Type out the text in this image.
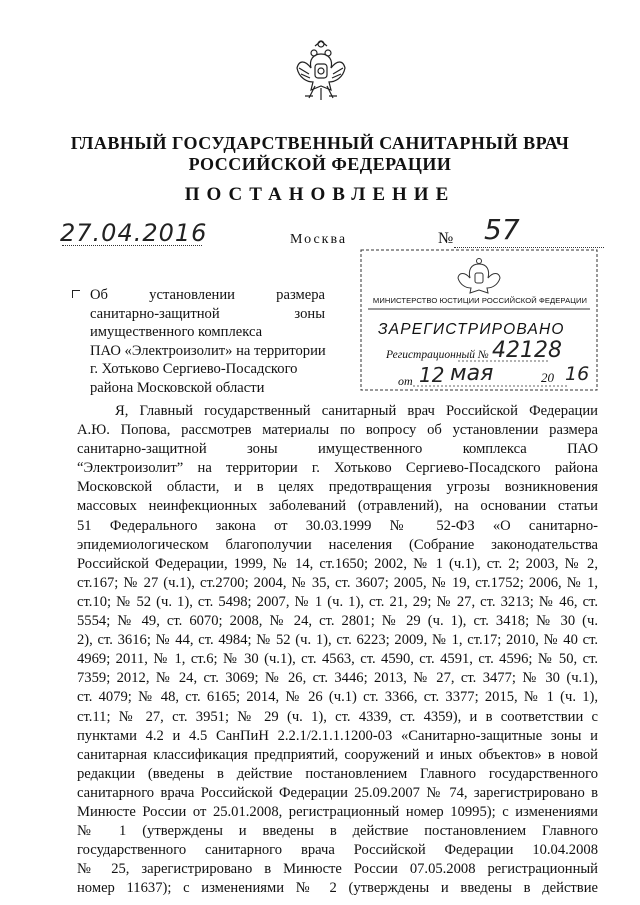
ГЛАВНЫЙ ГОСУДАРСТВЕННЫЙ САНИТАРНЫЙ ВРАЧ
РОССИЙСКОЙ ФЕДЕРАЦИИ
ПОСТАНОВЛЕНИЕ
27.04.2016	Москва	№ 57
Об установлении размера
санитарно-защитной зоны
имущественного комплекса
ПАО «Электроизолит» на территории
г. Хотьково Сергиево-Посадского
района Московской области
МИНИСТЕРСТВО ЮСТИЦИИ РОССИЙСКОЙ ФЕДЕРАЦИИ
ЗАРЕГИСТРИРОВАНО
Регистрационный № 42128
от 12 мая	20 16
Я, Главный государственный санитарный врач Российской Федерации
А.Ю. Попова, рассмотрев материалы по вопросу об установлении размера
санитарно-защитной зоны имущественного комплекса ПАО
“Электроизолит” на территории г. Хотьково Сергиево-Посадского района
Московской области, и в целях предотвращения угрозы возникновения
массовых неинфекционных заболеваний (отравлений), на основании статьи
51 Федерального закона от 30.03.1999 № 52-ФЗ «О санитарно-
эпидемиологическом благополучии населения (Собрание законодательства
Российской Федерации, 1999, № 14, ст.1650; 2002, № 1 (ч.1), ст. 2; 2003, № 2,
ст.167; № 27 (ч.1), ст.2700; 2004, № 35, ст. 3607; 2005, № 19, ст.1752; 2006, № 1,
ст.10; № 52 (ч. 1), ст. 5498; 2007, № 1 (ч. 1), ст. 21, 29; № 27, ст. 3213; № 46, ст.
5554; № 49, ст. 6070; 2008, № 24, ст. 2801; № 29 (ч. 1), ст. 3418; № 30 (ч.
2), ст. 3616; № 44, ст. 4984; № 52 (ч. 1), ст. 6223; 2009, № 1, ст.17; 2010, № 40 ст.
4969; 2011, № 1, ст.6; № 30 (ч.1), ст. 4563, ст. 4590, ст. 4591, ст. 4596; № 50, ст.
7359; 2012, № 24, ст. 3069; № 26, ст. 3446; 2013, № 27, ст. 3477; № 30 (ч.1),
ст. 4079; № 48, ст. 6165; 2014, № 26 (ч.1) ст. 3366, ст. 3377; 2015, № 1 (ч. 1),
ст.11; № 27, ст. 3951; № 29 (ч. 1), ст. 4339, ст. 4359), и в соответствии с
пунктами 4.2 и 4.5 СанПиН 2.2.1/2.1.1.1200-03 «Санитарно-защитные зоны и
санитарная классификация предприятий, сооружений и иных объектов» в новой
редакции (введены в действие постановлением Главного государственного
санитарного врача Российской Федерации 25.09.2007 № 74, зарегистрировано в
Минюсте России от 25.01.2008, регистрационный номер 10995); с изменениями
№ 1 (утверждены и введены в действие постановлением Главного
государственного санитарного врача Российской Федерации 10.04.2008
№ 25, зарегистрировано в Минюсте России 07.05.2008 регистрационный
номер 11637); с изменениями № 2 (утверждены и введены в действие
